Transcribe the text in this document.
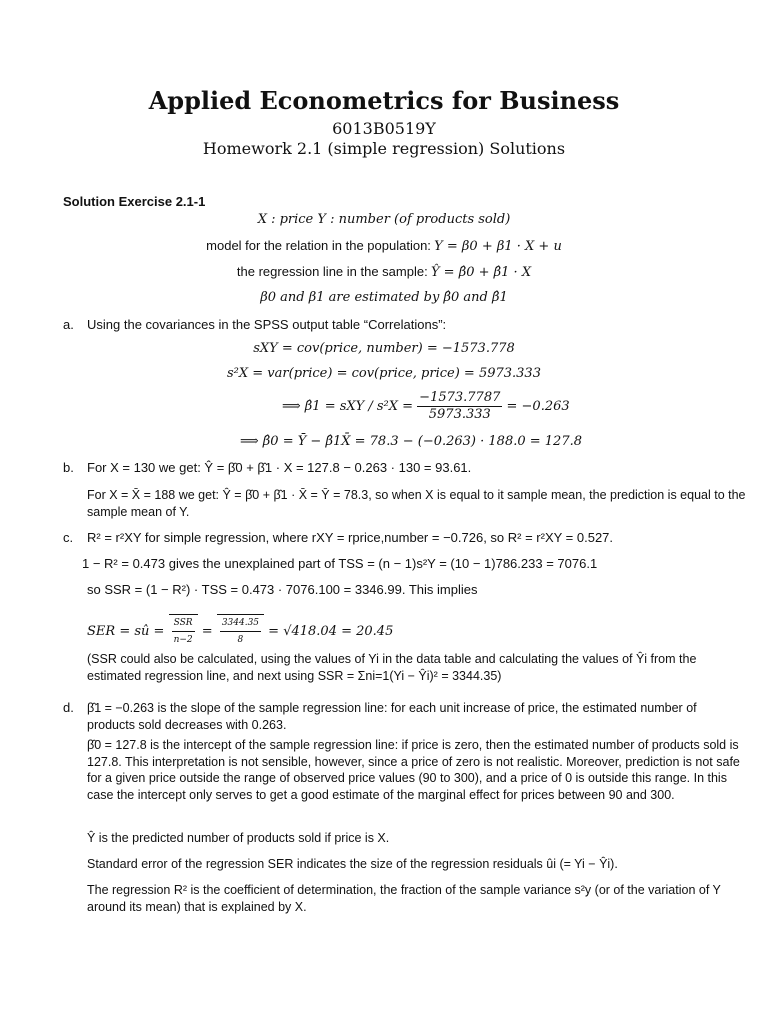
Applied Econometrics for Business
6013B0519Y
Homework 2.1 (simple regression) Solutions
Solution Exercise 2.1-1
X : price Y : number (of products sold)
model for the relation in the population: Y = β0 + β1 · X + u
the regression line in the sample: Ŷ = β̂0 + β̂1 · X
β0 and β1 are estimated by β̂0 and β̂1
a. Using the covariances in the SPSS output table “Correlations”:
sXY = cov(price, number) = −1573.778
s²X = var(price) = cov(price, price) = 5973.333
⟹ β̂1 = sXY / $s^2X = \frac{-1573.7787}{5973.333} = -0.263$
⟹ β̂0 = Ȳ − β̂1X̄ = 78.3 − (−0.263) · 188.0 = 127.8
b. For X = 130 we get: Ŷ = β̂0 + β̂1 · X = 127.8 − 0.263 · 130 = 93.61.
For X = X̄ = 188 we get: Ŷ = β̂0 + β̂1 · X̄ = Ȳ = 78.3, so when X is equal to it sample mean, the prediction is equal to the sample mean of Y.
c. R² = r²XY for simple regression, where rXY = rprice,number = −0.726, so R² = r²XY = 0.527.
1 − R² = 0.473 gives the unexplained part of TSS = (n − 1)s²Y = (10 − 1)786.233 = 7076.1
so SSR = (1 − R²) · TSS = 0.473 · 7076.100 = 3346.99. This implies
SER = sû = $\frac{\text{SSR}}{n-2} = \frac{3344.35}{8} = √418.04 = 20.45$
(SSR could also be calculated, using the values of Yi in the data table and calculating the values of Ŷi from the estimated regression line, and next using SSR = Σni=1(Yi − Ŷi)² = 3344.35)
d. β̂1 = −0.263 is the slope of the sample regression line: for each unit increase of price, the estimated number of products sold decreases with 0.263.
β̂0 = 127.8 is the intercept of the sample regression line: if price is zero, then the estimated number of products sold is 127.8. This interpretation is not sensible, however, since a price of zero is not realistic. Moreover, prediction is not safe for a given price outside the range of observed price values (90 to 300), and a price of 0 is outside this range. In this case the intercept only serves to get a good estimate of the marginal effect for prices between 90 and 300.
Ŷ is the predicted number of products sold if price is X.
Standard error of the regression SER indicates the size of the regression residuals ûi (= Yi − Ŷi).
The regression R² is the coefficient of determination, the fraction of the sample variance s²y (or of the variation of Y around its mean) that is explained by X.
